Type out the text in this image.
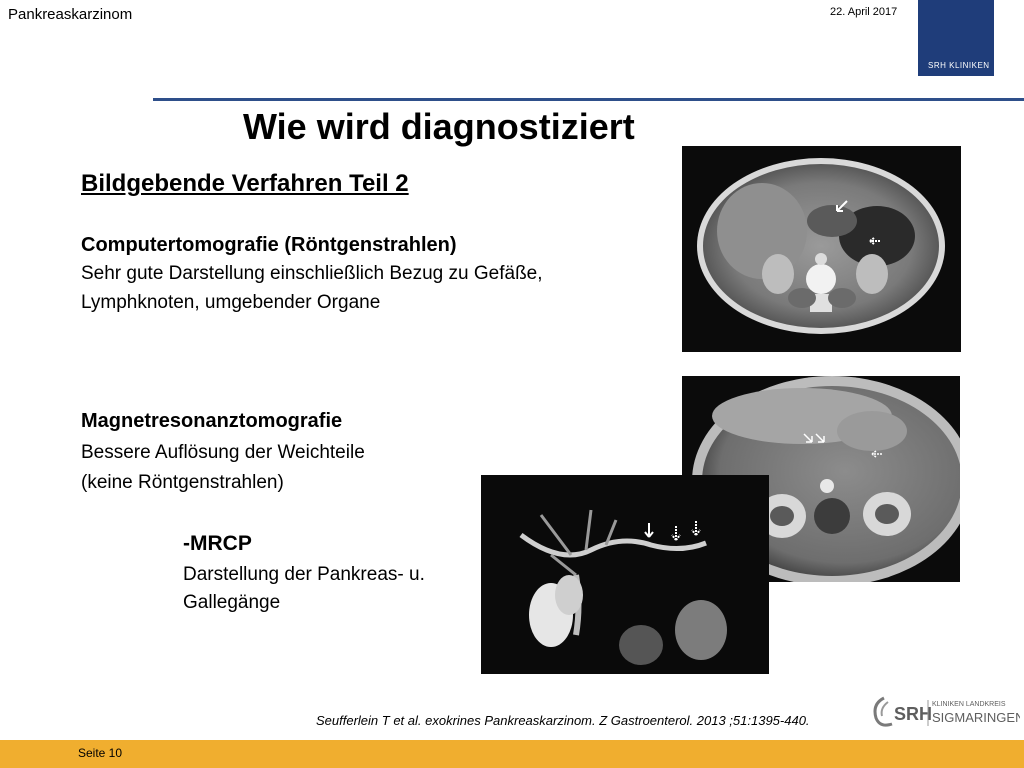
Pankreaskarzinom	22. April 2017
SRH KLINIKEN
Wie wird diagnostiziert
Bildgebende Verfahren Teil 2
Computertomografie (Röntgenstrahlen)
Sehr gute Darstellung einschließlich Bezug zu Gefäße,
Lymphknoten, umgebender Organe
Magnetresonanztomografie
Bessere Auflösung der Weichteile
(keine Röntgenstrahlen)
-MRCP
Darstellung der Pankreas- u.
Gallegänge
Seufferlein T et al. exokrines Pankreaskarzinom. Z Gastroenterol. 2013 ;51:1395-440.	SRH KLINIKEN LANDKREIS
SIGMARINGEN
Seite 10
